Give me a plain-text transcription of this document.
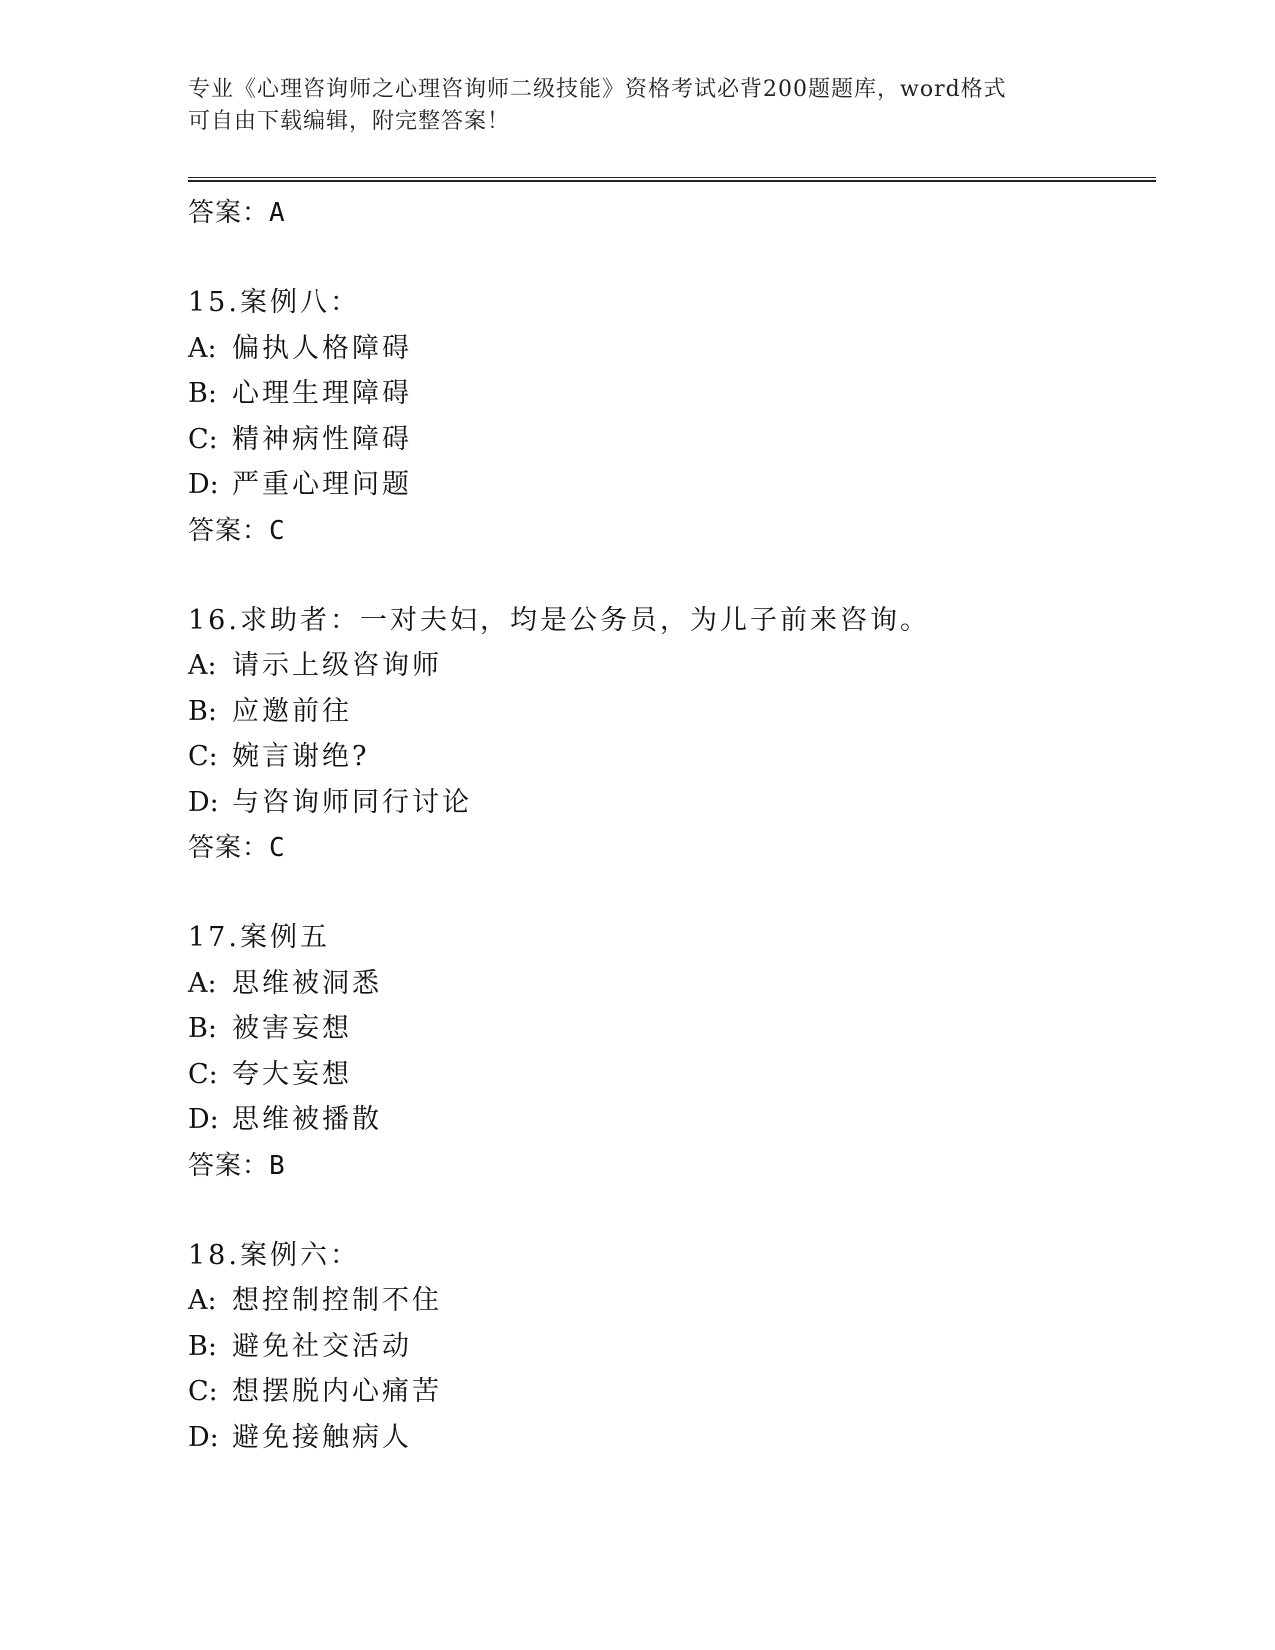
专业《心理咨询师之心理咨询师二级技能》资格考试必背200题题库，word格式
可自由下载编辑，附完整答案！
答案：A
15.案例八：
A: 偏执人格障碍
B: 心理生理障碍
C: 精神病性障碍
D: 严重心理问题
答案：C
16.求助者：一对夫妇，均是公务员，为儿子前来咨询。
A: 请示上级咨询师
B: 应邀前往
C: 婉言谢绝?
D: 与咨询师同行讨论
答案：C
17.案例五
A: 思维被洞悉
B: 被害妄想
C: 夸大妄想
D: 思维被播散
答案：B
18.案例六：
A: 想控制控制不住
B: 避免社交活动
C: 想摆脱内心痛苦
D: 避免接触病人
